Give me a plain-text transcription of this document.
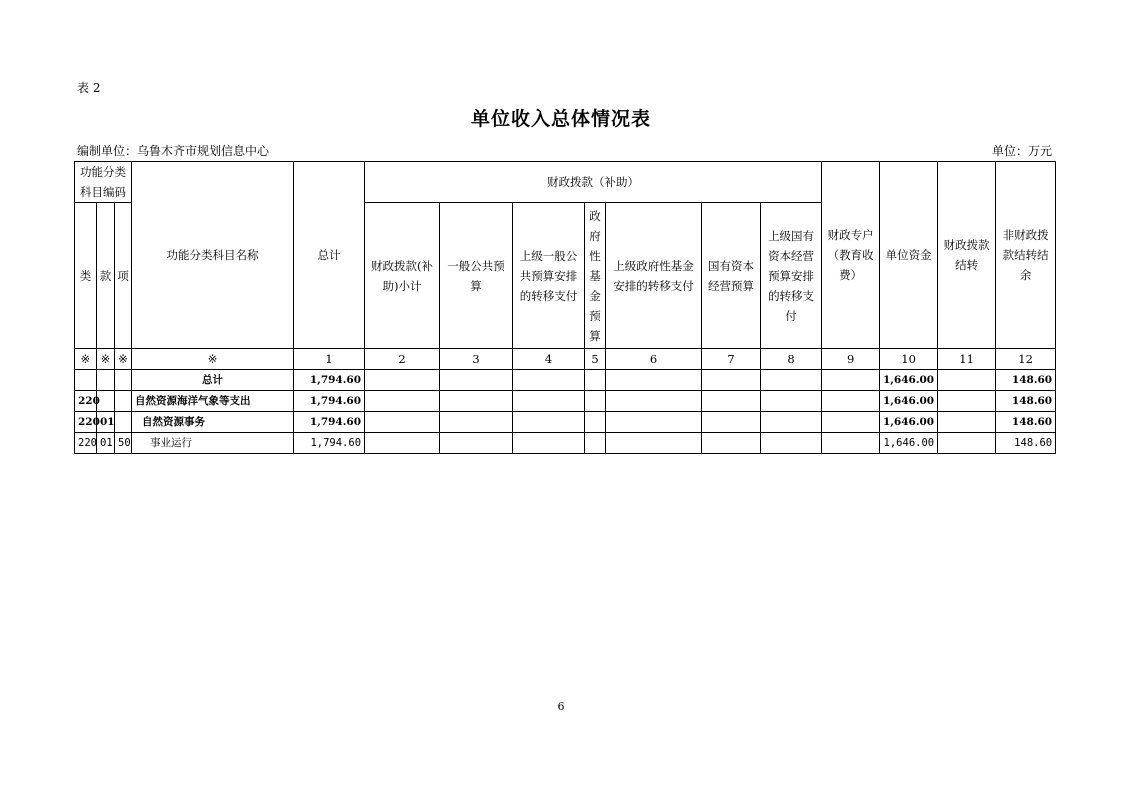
表 2
单位收入总体情况表
编制单位：乌鲁木齐市规划信息中心	单位：万元
功能分类科目编码			功能分类科目名称	总计	财政拨款（补助）							财政专户（教育收费）	单位资金	财政拨款结转	非财政拨款结转结余
类	款	项			财政拨款(补助)小计	一般公共预算	上级一般公共预算安排的转移支付	政府性基金预算	上级政府性基金安排的转移支付	国有资本经营预算	上级国有资本经营预算安排的转移支付				
※	※	※	※	1	2	3	4	5	6	7	8	9	10	11	12
			总计	1,794.60									1,646.00		148.60
220			自然资源海洋气象等支出	1,794.60									1,646.00		148.60
220	01		自然资源事务	1,794.60									1,646.00		148.60
220	01	50	事业运行	1,794.60									1,646.00		148.60
6
